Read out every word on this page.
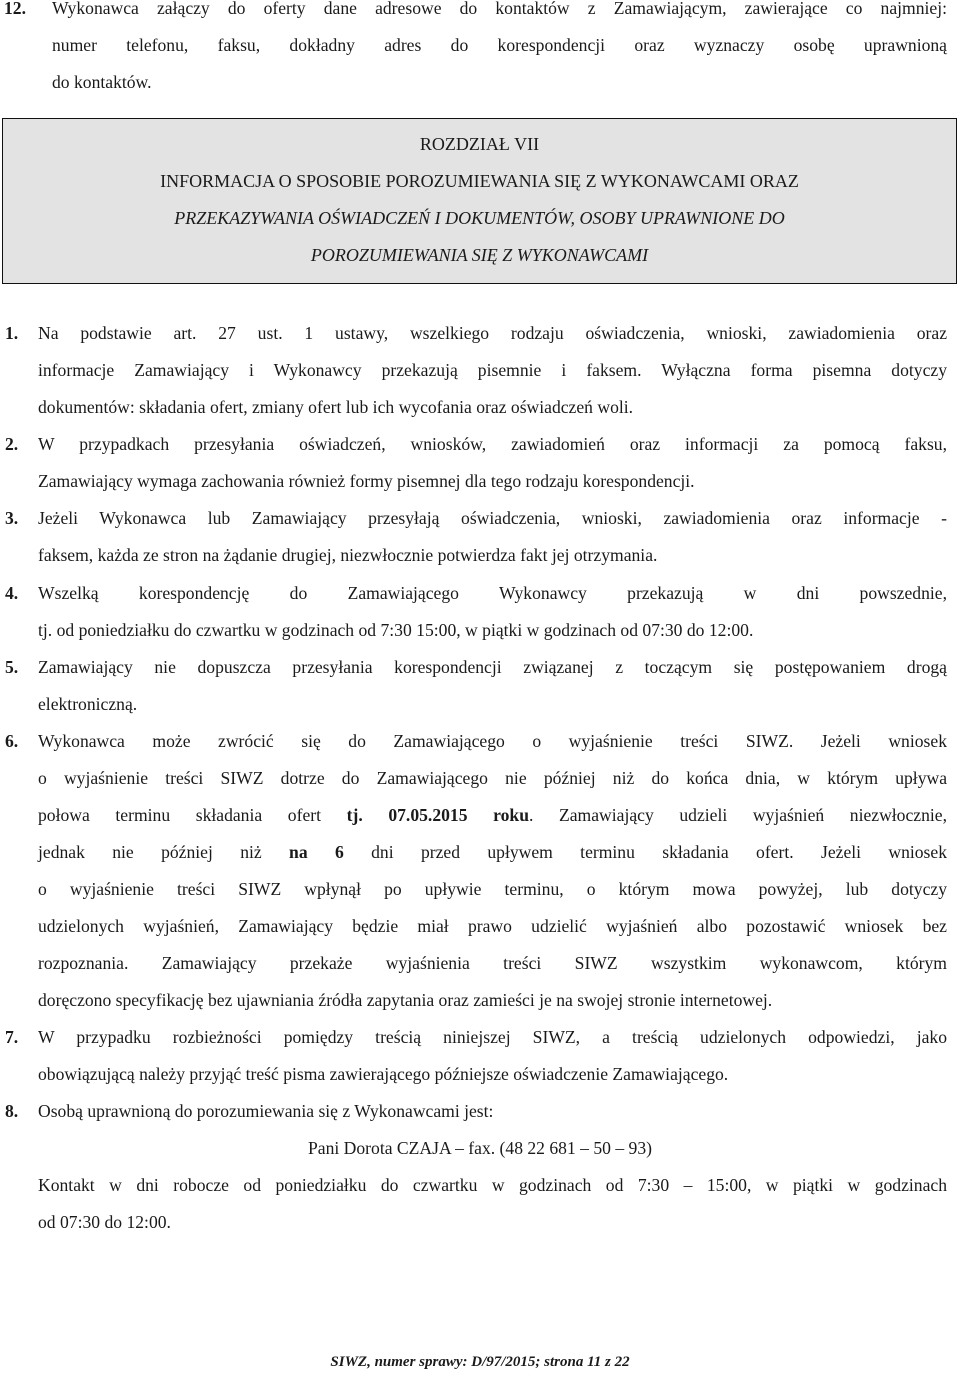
12. Wykonawca załączy do oferty dane adresowe do kontaktów z Zamawiającym, zawierające co najmniej:
numer telefonu, faksu, dokładny adres do korespondencji oraz wyznaczy osobę uprawnioną
do kontaktów.
ROZDZIAŁ VII
INFORMACJA O SPOSOBIE POROZUMIEWANIA SIĘ Z WYKONAWCAMI ORAZ
PRZEKAZYWANIA OŚWIADCZEŃ I DOKUMENTÓW, OSOBY UPRAWNIONE DO
POROZUMIEWANIA SIĘ Z WYKONAWCAMI
1. Na podstawie art. 27 ust. 1 ustawy, wszelkiego rodzaju oświadczenia, wnioski, zawiadomienia oraz
informacje Zamawiający i Wykonawcy przekazują pisemnie i faksem. Wyłączna forma pisemna dotyczy
dokumentów: składania ofert, zmiany ofert lub ich wycofania oraz oświadczeń woli.
2. W przypadkach przesyłania oświadczeń, wniosków, zawiadomień oraz informacji za pomocą faksu,
Zamawiający wymaga zachowania również formy pisemnej dla tego rodzaju korespondencji.
3. Jeżeli Wykonawca lub Zamawiający przesyłają oświadczenia, wnioski, zawiadomienia oraz informacje -
faksem, każda ze stron na żądanie drugiej, niezwłocznie potwierdza fakt jej otrzymania.
4. Wszelką korespondencję do Zamawiającego Wykonawcy przekazują w dni powszednie,
tj. od poniedziałku do czwartku w godzinach od 7:30 15:00, w piątki w godzinach od 07:30 do 12:00.
5. Zamawiający nie dopuszcza przesyłania korespondencji związanej z toczącym się postępowaniem drogą
elektroniczną.
6. Wykonawca może zwrócić się do Zamawiającego o wyjaśnienie treści SIWZ. Jeżeli wniosek
o wyjaśnienie treści SIWZ dotrze do Zamawiającego nie później niż do końca dnia, w którym upływa
połowa terminu składania ofert tj. 07.05.2015 roku. Zamawiający udzieli wyjaśnień niezwłocznie,
jednak nie później niż na 6 dni przed upływem terminu składania ofert. Jeżeli wniosek
o wyjaśnienie treści SIWZ wpłynął po upływie terminu, o którym mowa powyżej, lub dotyczy
udzielonych wyjaśnień, Zamawiający będzie miał prawo udzielić wyjaśnień albo pozostawić wniosek bez
rozpoznania. Zamawiający przekaże wyjaśnienia treści SIWZ wszystkim wykonawcom, którym
doręczono specyfikację bez ujawniania źródła zapytania oraz zamieści je na swojej stronie internetowej.
7. W przypadku rozbieżności pomiędzy treścią niniejszej SIWZ, a treścią udzielonych odpowiedzi, jako
obowiązującą należy przyjąć treść pisma zawierającego późniejsze oświadczenie Zamawiającego.
8. Osobą uprawnioną do porozumiewania się z Wykonawcami jest:
Pani Dorota CZAJA – fax. (48 22 681 – 50 – 93)
Kontakt w dni robocze od poniedziałku do czwartku w godzinach od 7:30 – 15:00, w piątki w godzinach
od 07:30 do 12:00.
SIWZ, numer sprawy: D/97/2015; strona 11 z 22
